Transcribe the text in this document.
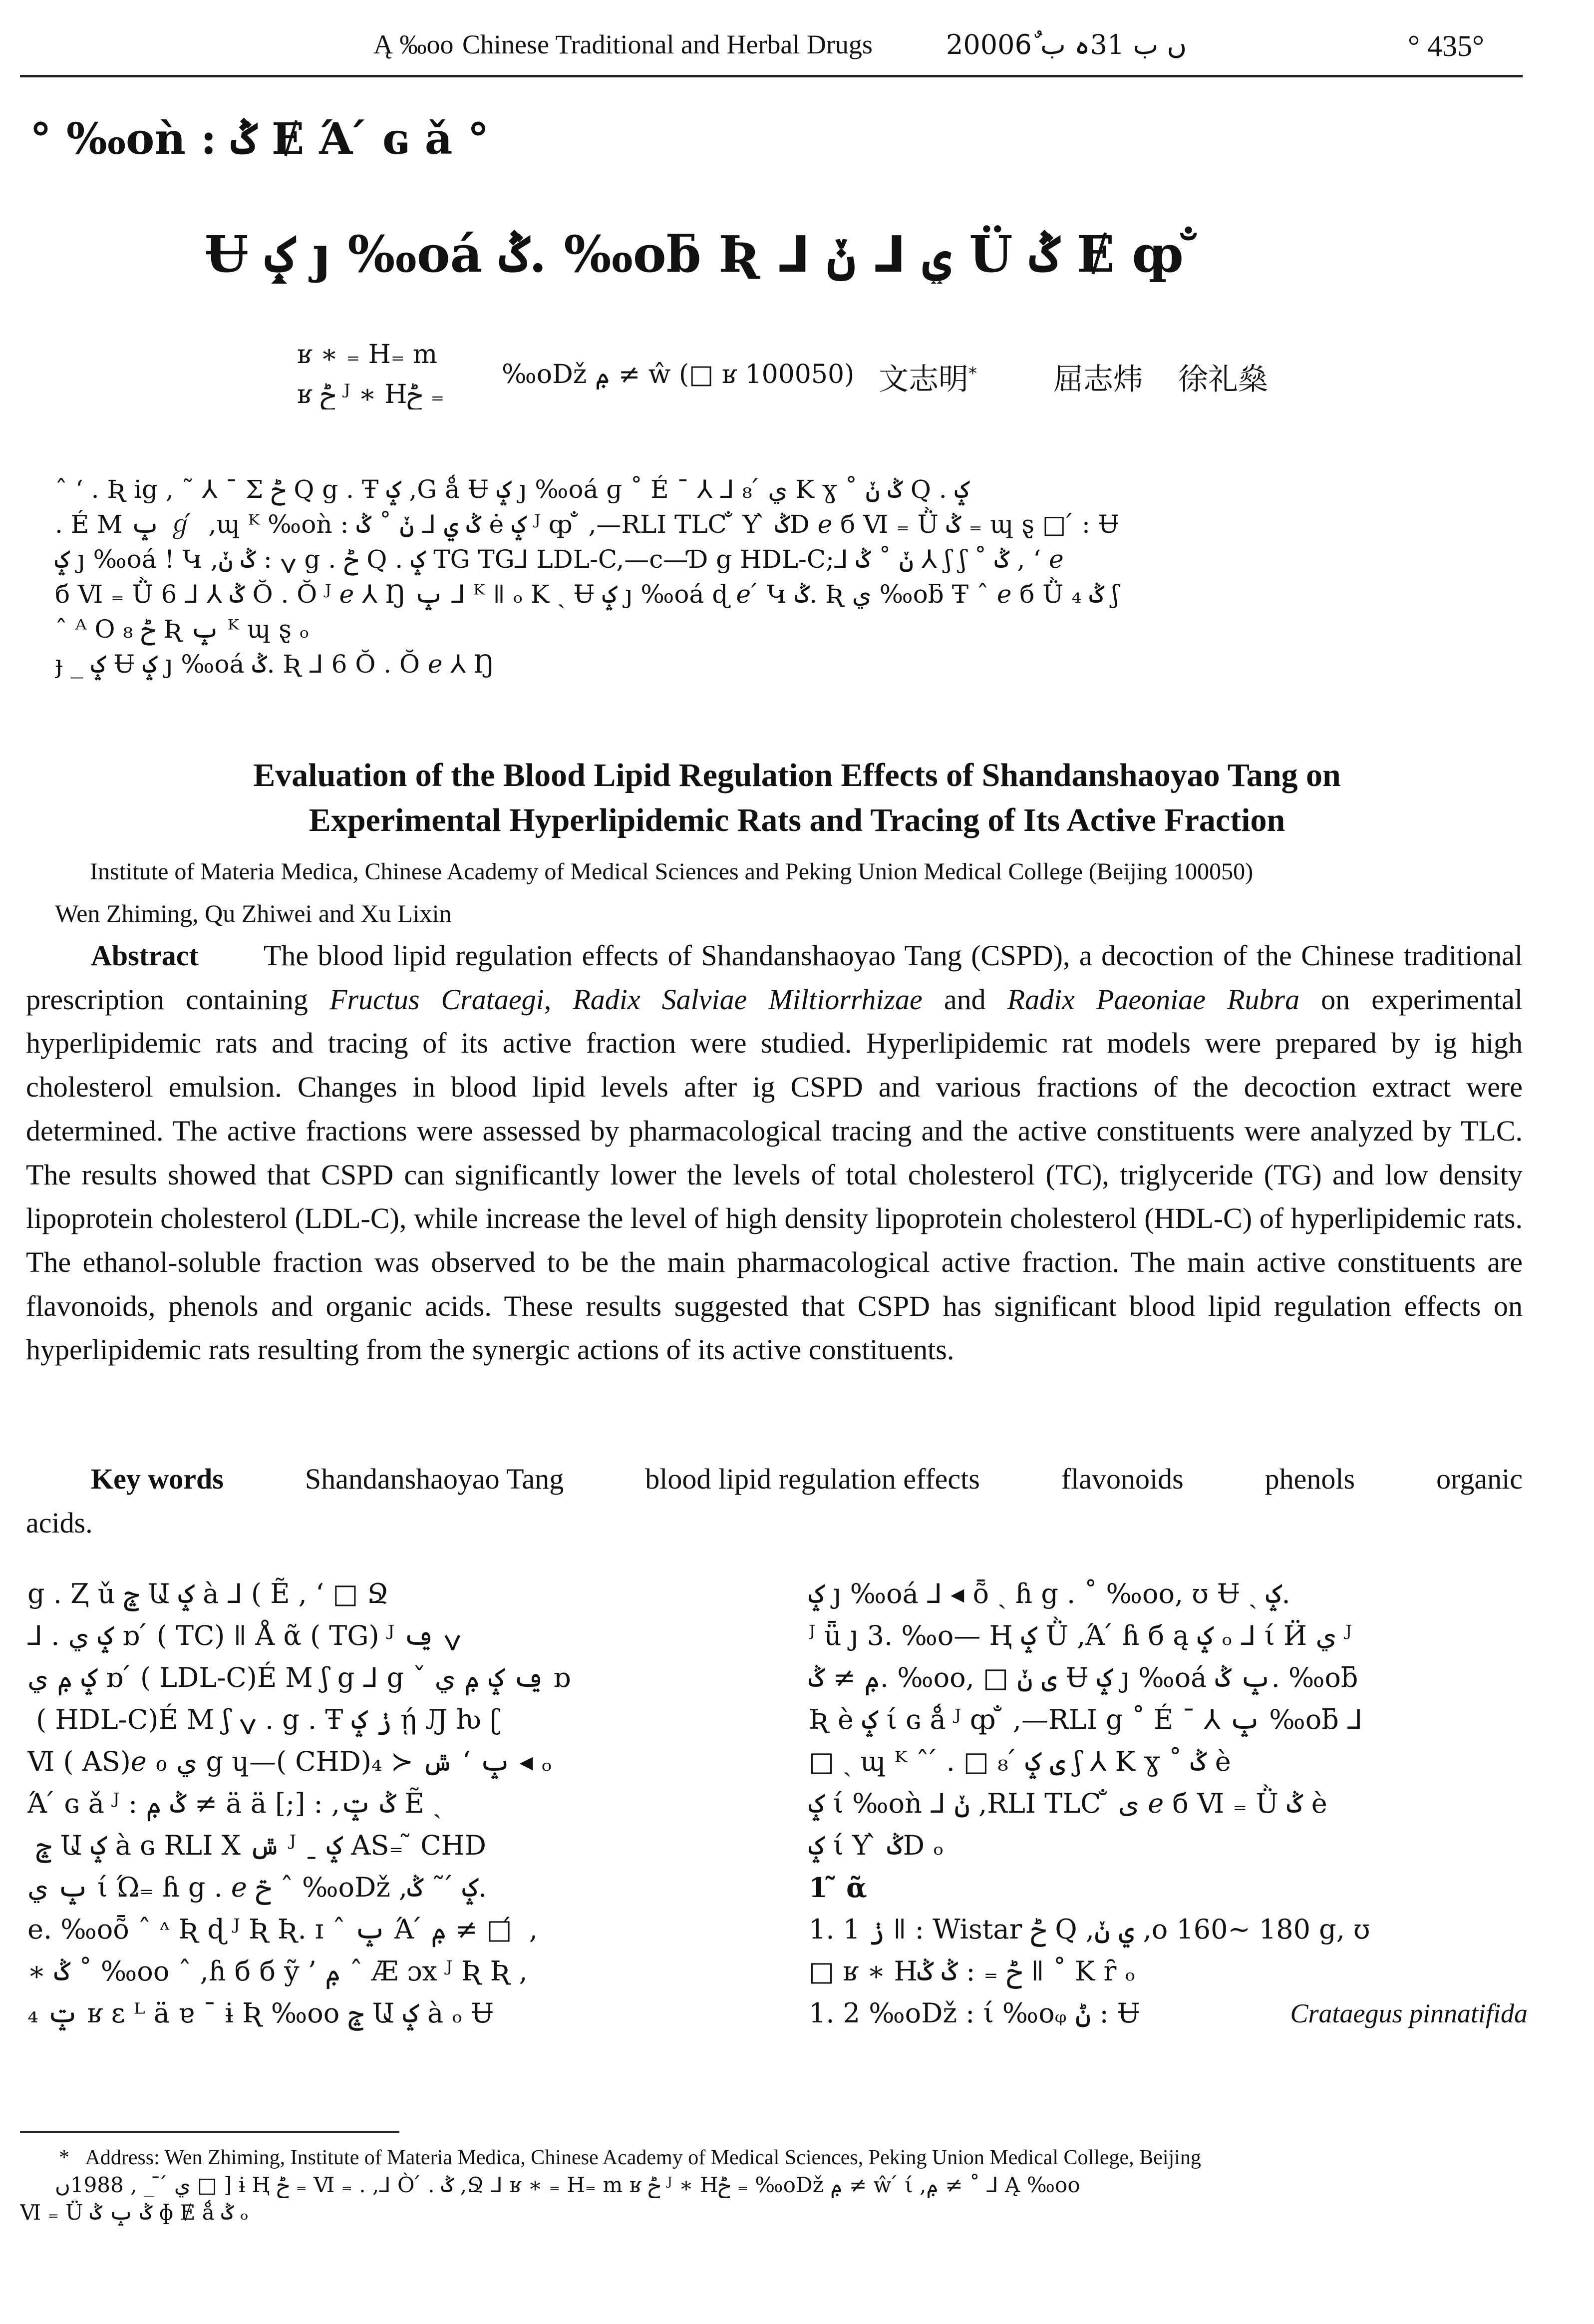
Ą ‰oo Chinese Traditional and Herbal Drugs	2000ں ب 31ہ ب 6ٌ	° 435°
° ‰oǹ : ݣ Ɇ Ά ́ ɢ ǎ °
Ʉ ݤ ȷ ‰oá ݣ. ‰oƃ Ʀ ⅃ ي ⅃ ݩ Ǜ ݣ Ɇ ȹ ̐
ʁ ∗ ₌ H₌ m
ʁ ݲ ᴶ ∗ Hݲ ₌
‰oǅ ݦ ≠ ŵ (□ ʁ 100050) 文志明*	屈志炜 徐礼燊
ˆ ‘ . Ʀ ig , ˜ ⅄ ˉ Σ ݲ Q g . Ŧ ݤ ,G ǻ Ʉ ݤ ȷ ‰oá ɡ ˚ É ˉ ⅄ ⅃ ي ́ ₈ K ɣ ˚ ݣ ݩ Q . ݤ
. É M ݒ ℊ ́ ,ɰ ᴷ ‰oǹ : ݣ ي ⅃ ݩ ˚ ݣ ė ݤ ᴶ ȹ ̐ ,—RLI TLC ̐ Y ̀ ݣD ℯ б Ⅵ ₌ Ǜ ݣ ₌ ɰ ȿ □ ́ : Ʉ
ݤ ȷ ‰oá ! Կ ,ݍ : ݣ ݩ g . ݲ Q . ݤ TG TG⅃ LDL-C,—c—Ɗ g HDL-C;⅃ ݩ ˚ ݣ ⅄ ʃ ʃ ˚ ݣ , ‘ ℯ
б Ⅵ ₌ Ǜ ݣ ⅄ ⅃ 6 Ŏ . Ŏ ᴶ ℯ ⅄ Ŋ ݒ ⅃ ᴷ ǁ ₒ K ˎ Ʉ ݤ ȷ ‰oá ɖ ℯ ́ Կ ݣ. Ʀ ي ‰oƃ Ŧ ˆ ℯ б Ǜ ݣ ₄ ʃ
ˆ ᴬ O ݲ ₈ Ʀ ݒ ᴷ ɰ ȿ ₒ
ɟ _ ݤ Ʉ ݤ ȷ ‰oá ݣ. Ʀ ⅃ 6 Ŏ . Ŏ ℯ ⅄ Ŋ
Evaluation of the Blood Lipid Regulation Effects of Shandanshaoyao Tang on
Experimental Hyperlipidemic Rats and Tracing of Its Active Fraction
Institute of Materia Medica, Chinese Academy of Medical Sciences and Peking Union Medical College (Beijing 100050)
Wen Zhiming, Qu Zhiwei and Xu Lixin
Abstract The blood lipid regulation effects of Shandanshaoyao Tang (CSPD), a decoction of the Chinese traditional prescription containing Fructus Crataegi, Radix Salviae Miltiorrhizae and Radix Paeoniae Rubra on experimental hyperlipidemic rats and tracing of its active fraction were studied. Hyperlipidemic rat models were prepared by ig high cholesterol emulsion. Changes in blood lipid levels after ig CSPD and various fractions of the decoction extract were determined. The active fractions were assessed by pharmacological tracing and the active constituents were analyzed by TLC. The results showed that CSPD can significantly lower the levels of total cholesterol (TC), triglyceride (TG) and low density lipoprotein cholesterol (LDL-C), while increase the level of high density lipoprotein cholesterol (HDL-C) of hyperlipidemic rats. The ethanol-soluble fraction was observed to be the main pharmacological active fraction. The main active constituents are flavonoids, phenols and organic acids. These results suggested that CSPD has significant blood lipid regulation effects on hyperlipidemic rats resulting from the synergic actions of its active constituents.
Key words	Shandanshaoyao Tang	blood lipid regulation effects	flavonoids	phenols	organic
acids.
g . Ⱬ ǔ ݘ Ա ݤ à ⅃ ( Ẽ , ‘ □ Ջ
⅃ . ݤ ي ɒ ́ ( TC) ǁ Å ᾶ ( TG) ᴶ ݍ ݠ
ݤ ݦ ي ɒ ́ ( LDL-C)É M ʃ g ⅃ g ˇ ݠ ݤ ݦ ي ɒ
́ ( HDL-C)É M ʃ ݍ . g . Ŧ ݫ ݤ ῄ Ԓ ƕ ʗ
Ⅵ ( AS)ℯ ℴ ي g ɥ—( CHD)ݒ ‘ ݜ ≺ ₄ ◂ ₒ
Ά ́ ɢ ǎ ᴶ : ݣ ݦ ≠ ä ä [;] : ,ݣ ݓ Ẽ ˎ
̃ ݘ Ա ݤ à ɢ RLI X ݜ ᴶ ˍ ݤ AS₌ ̃ CHD
ݒ ي ί Ώ₌ ɦ g . ℯ ݗ ˆ ‰oǅ ,ݤ ́ ˜ ݣ.
e. ‰oȭ ˆ ᶺ Ʀ ɖ ᴶ Ʀ Ʀ. ɪ ˆ ݒ Ά ́ ݦ ≠ □ ́ ,
∗ ݣ ˚ ‰oo ˆ ,ɦ б б ỹ ’ ݦ ˆ Æ ɔx ᴶ Ʀ Ʀ ,
₄ ݓ ʁ ɛ ᴸ ä ɐ ¯ ɨ Ʀ ‰oo ݘ Ա ݤ à ₒ Ʉ
ݤ ȷ ‰oá ⅃ ◂ ȭ ˎ ɦ g . ˚ ‰oo, ʊ Ʉ ˎ ݤ.
ᴶ ǖ ȷ 3. ‰o— Ⱨ ݤ Ǜ ,Ά ́ ɦ б ą ݤ ₒ ⅃ ί Ӥ ي ᴶ
ݦ ≠ ݣ. ‰oo, □ ی ݩ Ʉ ݤ ȷ ‰oá ݒ ݣ. ‰oƃ
Ʀ è ݤ ί ɢ ǻ ᴶ ȹ ̐ ,—RLI g ˚ É ˉ ⅄ ݒ ‰oƃ ⅃
□ ˎ ɰ ᴷ ˆ ́ . □ ی ݤ ́ ₈ ʃ ⅄ K ɣ ˚ ݣ è
ݤ ί ‰oǹ ⅃ ݩ ,RLI TLC ̐ ی ℯ б Ⅵ ₌ Ǜ ݣ è
ݤ ί Y ̀ ݣD ₒ
1 ̃ ᾶ
1. 1 ݫ ǁ : Wistar ݲ Q ,ي ݩ ,o 160~ 180 g, ʊ
□ ʁ ∗ Hݲ ₌ : ݣ ݣ ǁ ˚ K ȓ ₒ
1. 2 ‰oǅ : ί ‰oᵩ ݨ : Ʉ	Crataegus pinnatifida
* Address: Wen Zhiming, Institute of Materia Medica, Chinese Academy of Medical Sciences, Peking Union Medical College, Beijing
ي ́ ̄ _ , 1988ں □ ] ɨ Ⱨ ݲ ₌ Ⅵ ₌ . ,⅃ Ò ́ . ݣ ,Ջ ⅃ ʁ ∗ ₌ H₌ m ʁ ݲ ᴶ ∗ Hݲ ₌ ‰oǅ ݦ ≠ ŵ ́ ί ,ݦ ≠ ˚ ⅃ Ą ‰oo
Ⅵ ₌ Ǜ ݣ ݒ ݣ ɸ Ɇ ǻ ݣ ₒ
